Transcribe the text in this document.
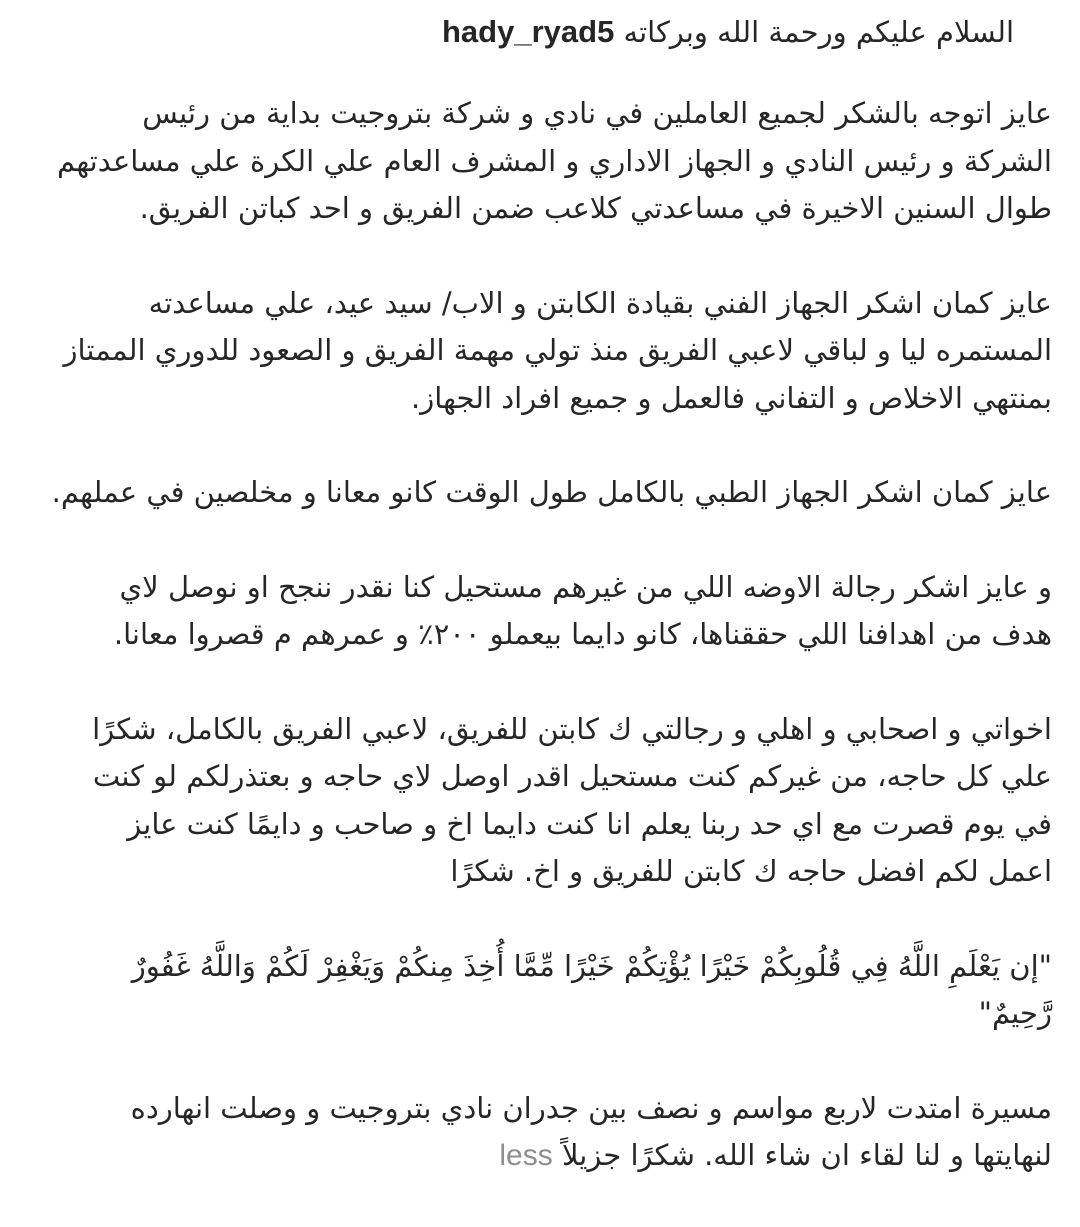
السلام عليكم ورحمة الله وبركاته hady_ryad5
عايز اتوجه بالشكر لجميع العاملين في نادي و شركة بتروجيت بداية من رئيس
الشركة و رئيس النادي و الجهاز الاداري و المشرف العام علي الكرة علي مساعدتهم
طوال السنين الاخيرة في مساعدتي كلاعب ضمن الفريق و احد كباتن الفريق.
عايز كمان اشكر الجهاز الفني بقيادة الكابتن و الاب/ سيد عيد، علي مساعدته
المستمره ليا و لباقي لاعبي الفريق منذ تولي مهمة الفريق و الصعود للدوري الممتاز
بمنتهي الاخلاص و التفاني فالعمل و جميع افراد الجهاز.
عايز كمان اشكر الجهاز الطبي بالكامل طول الوقت كانو معانا و مخلصين في عملهم.
و عايز اشكر رجالة الاوضه اللي من غيرهم مستحيل كنا نقدر ننجح او نوصل لاي
هدف من اهدافنا اللي حققناها، كانو دايما بيعملو ٢٠٠٪ و عمرهم م قصروا معانا.
اخواتي و اصحابي و اهلي و رجالتي ك كابتن للفريق، لاعبي الفريق بالكامل، شكرًا
علي كل حاجه، من غيركم كنت مستحيل اقدر اوصل لاي حاجه و بعتذرلكم لو كنت
في يوم قصرت مع اي حد ربنا يعلم انا كنت دايما اخ و صاحب و دايمًا كنت عايز
اعمل لكم افضل حاجه ك كابتن للفريق و اخ. شكرًا
"إن يَعْلَمِ اللَّهُ فِي قُلُوبِكُمْ خَيْرًا يُؤْتِكُمْ خَيْرًا مِّمَّا أُخِذَ مِنكُمْ وَيَغْفِرْ لَكُمْ وَاللَّهُ غَفُورٌ
رَّحِيمٌ"
مسيرة امتدت لاربع مواسم و نصف بين جدران نادي بتروجيت و وصلت انهارده
لنهايتها و لنا لقاء ان شاء الله. شكرًا جزيلاً less
